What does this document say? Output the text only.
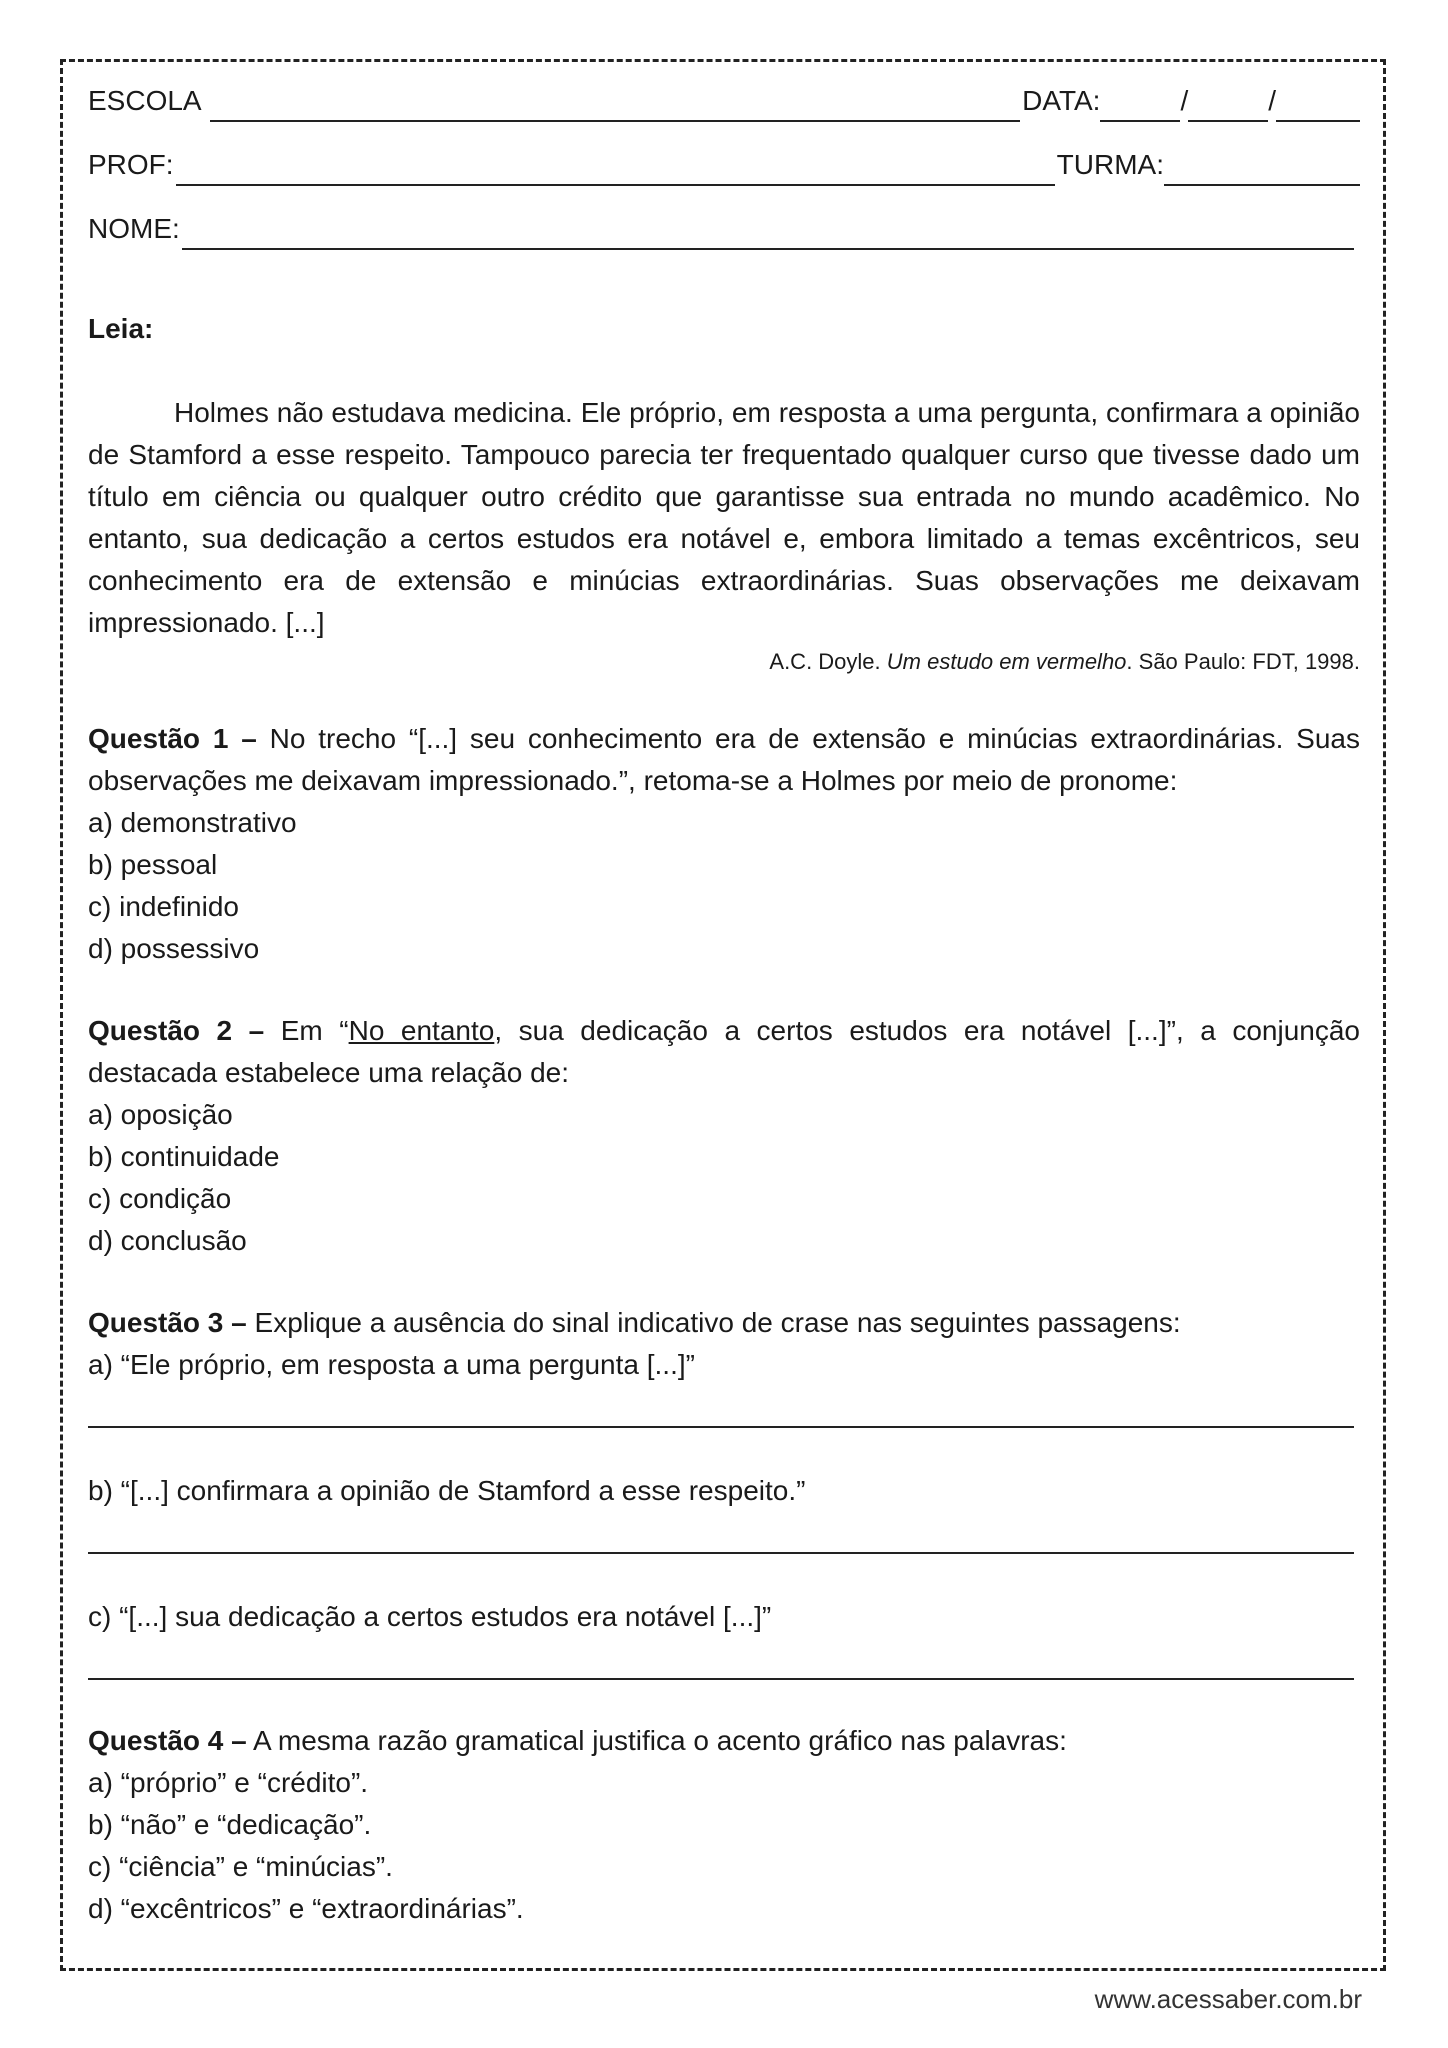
ESCOLA	DATA:	/	/
PROF:	TURMA:
NOME:
Leia:

Holmes não estudava medicina. Ele próprio, em resposta a uma pergunta, confirmara a opinião de Stamford a esse respeito. Tampouco parecia ter frequentado qualquer curso que tivesse dado um título em ciência ou qualquer outro crédito que garantisse sua entrada no mundo acadêmico. No entanto, sua dedicação a certos estudos era notável e, embora limitado a temas excêntricos, seu conhecimento era de extensão e minúcias extraordinárias. Suas observações me deixavam impressionado. [...]

A.C. Doyle. Um estudo em vermelho. São Paulo: FDT, 1998.

Questão 1 – No trecho “[...] seu conhecimento era de extensão e minúcias extraordinárias. Suas observações me deixavam impressionado.”, retoma-se a Holmes por meio de pronome:

a) demonstrativo

b) pessoal

c) indefinido

d) possessivo

Questão 2 – Em “No entanto, sua dedicação a certos estudos era notável [...]”, a conjunção destacada estabelece uma relação de:

a) oposição

b) continuidade

c) condição

d) conclusão

Questão 3 – Explique a ausência do sinal indicativo de crase nas seguintes passagens:

a) “Ele próprio, em resposta a uma pergunta [...]”

b) “[...] confirmara a opinião de Stamford a esse respeito.”

c) “[...] sua dedicação a certos estudos era notável [...]”

Questão 4 – A mesma razão gramatical justifica o acento gráfico nas palavras:

a) “próprio” e “crédito”.

b) “não” e “dedicação”.

c) “ciência” e “minúcias”.

d) “excêntricos” e “extraordinárias”.

www.acessaber.com.br
